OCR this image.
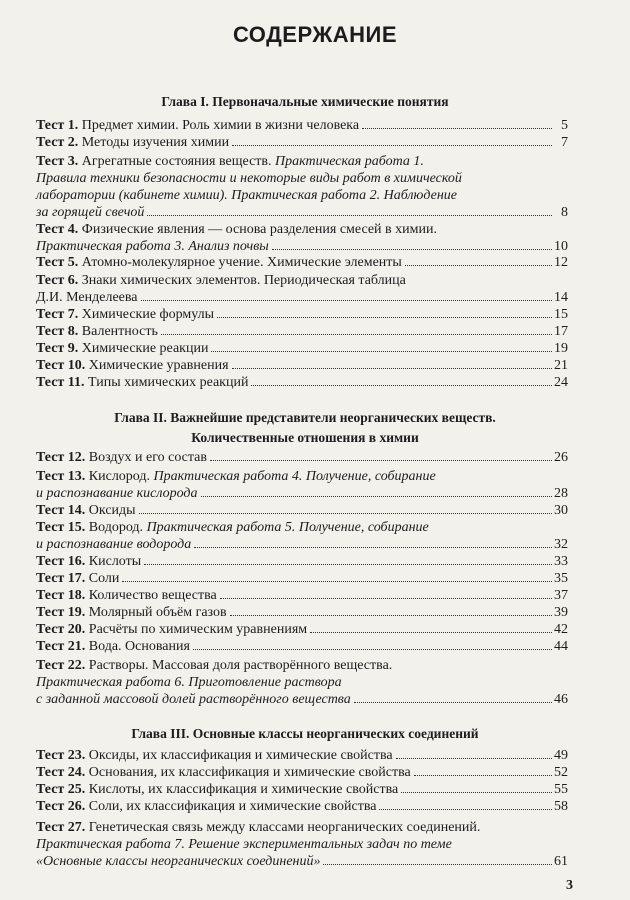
СОДЕРЖАНИЕ
Глава I. Первоначальные химические понятия
Глава II. Важнейшие представители неорганических веществ.
Количественные отношения в химии
Глава III. Основные классы неорганических соединений
Тест 1. Предмет химии. Роль химии в жизни человека	5
Тест 2. Методы изучения химии	7
Тест 3. Агрегатные состояния веществ. Практическая работа 1.
Правила техники безопасности и некоторые виды работ в химической
лаборатории (кабинете химии). Практическая работа 2. Наблюдение
за горящей свечой	8
Тест 4. Физические явления — основа разделения смесей в химии.
Практическая работа 3. Анализ почвы	10
Тест 5. Атомно-молекулярное учение. Химические элементы	12
Тест 6. Знаки химических элементов. Периодическая таблица
Д.И. Менделеева	14
Тест 7. Химические формулы	15
Тест 8. Валентность	17
Тест 9. Химические реакции	19
Тест 10. Химические уравнения	21
Тест 11. Типы химических реакций	24
Тест 12. Воздух и его состав	26
Тест 13. Кислород. Практическая работа 4. Получение, собирание
и распознавание кислорода	28
Тест 14. Оксиды	30
Тест 15. Водород. Практическая работа 5. Получение, собирание
и распознавание водорода	32
Тест 16. Кислоты	33
Тест 17. Соли	35
Тест 18. Количество вещества	37
Тест 19. Молярный объём газов	39
Тест 20. Расчёты по химическим уравнениям	42
Тест 21. Вода. Основания	44
Тест 22. Растворы. Массовая доля растворённого вещества.
Практическая работа 6. Приготовление раствора
с заданной массовой долей растворённого вещества	46
Тест 23. Оксиды, их классификация и химические свойства	49
Тест 24. Основания, их классификация и химические свойства	52
Тест 25. Кислоты, их классификация и химические свойства	55
Тест 26. Соли, их классификация и химические свойства	58
Тест 27. Генетическая связь между классами неорганических соединений.
Практическая работа 7. Решение экспериментальных задач по теме
«Основные классы неорганических соединений»	61
3
